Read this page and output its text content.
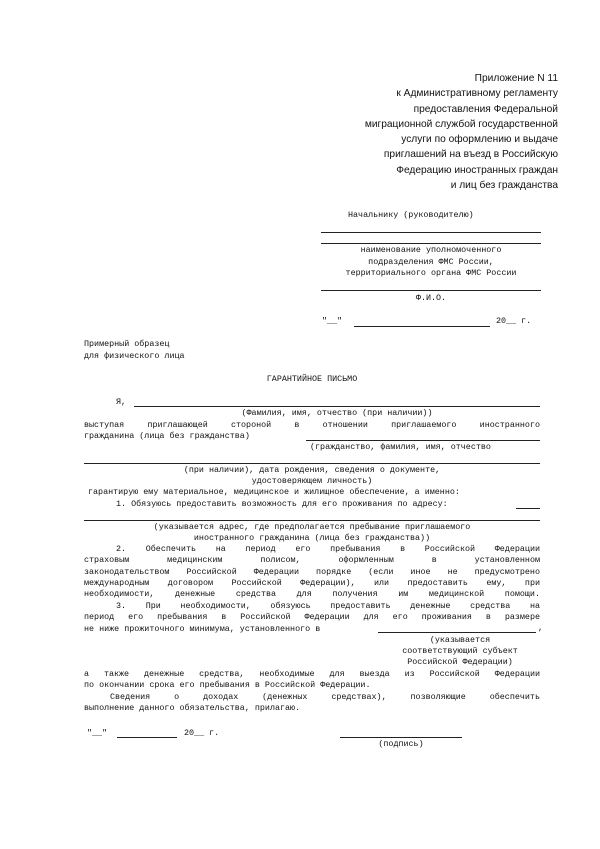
Приложение N 11
к Административному регламенту
предоставления Федеральной
миграционной службой государственной
услуги по оформлению и выдаче
приглашений на въезд в Российскую
Федерацию иностранных граждан
и лиц без гражданства
Начальнику (руководителю)
наименование уполномоченного
подразделения ФМС России,
территориального органа ФМС России
Ф.И.О.
"__"	20__ г.
Примерный образец
для физического лица
ГАРАНТИЙНОЕ ПИСЬМО
Я,
(Фамилия, имя, отчество (при наличии))
выступая приглашающей стороной в отношении приглашаемого иностранного
гражданина (лица без гражданства)
(гражданство, фамилия, имя, отчество
(при наличии), дата рождения, сведения о документе,
удостоверяющем личность)
гарантирую ему материальное, медицинское и жилищное обеспечение, а именно:
1. Обязуюсь предоставить возможность для его проживания по адресу:
(указывается адрес, где предполагается пребывание приглашаемого
иностранного гражданина (лица без гражданства))
2. Обеспечить на период его пребывания в Российской Федерации
страховым медицинским полисом, оформленным в установленном
законодательством Российской Федерации порядке (если иное не предусмотрено
международным договором Российской Федерации), или предоставить ему, при
необходимости, денежные средства для получения им медицинской помощи.
3. При необходимости, обязуюсь предоставить денежные средства на
период его пребывания в Российской Федерации для его проживания в размере
не ниже прожиточного минимума, установленного в	,
(указывается
соответствующий субъект
Российской Федерации)
а также денежные средства, необходимые для выезда из Российской Федерации
по окончании срока его пребывания в Российской Федерации.
Сведения о доходах (денежных средствах), позволяющие обеспечить
выполнение данного обязательства, прилагаю.
"__"	20__ г.
(подпись)
